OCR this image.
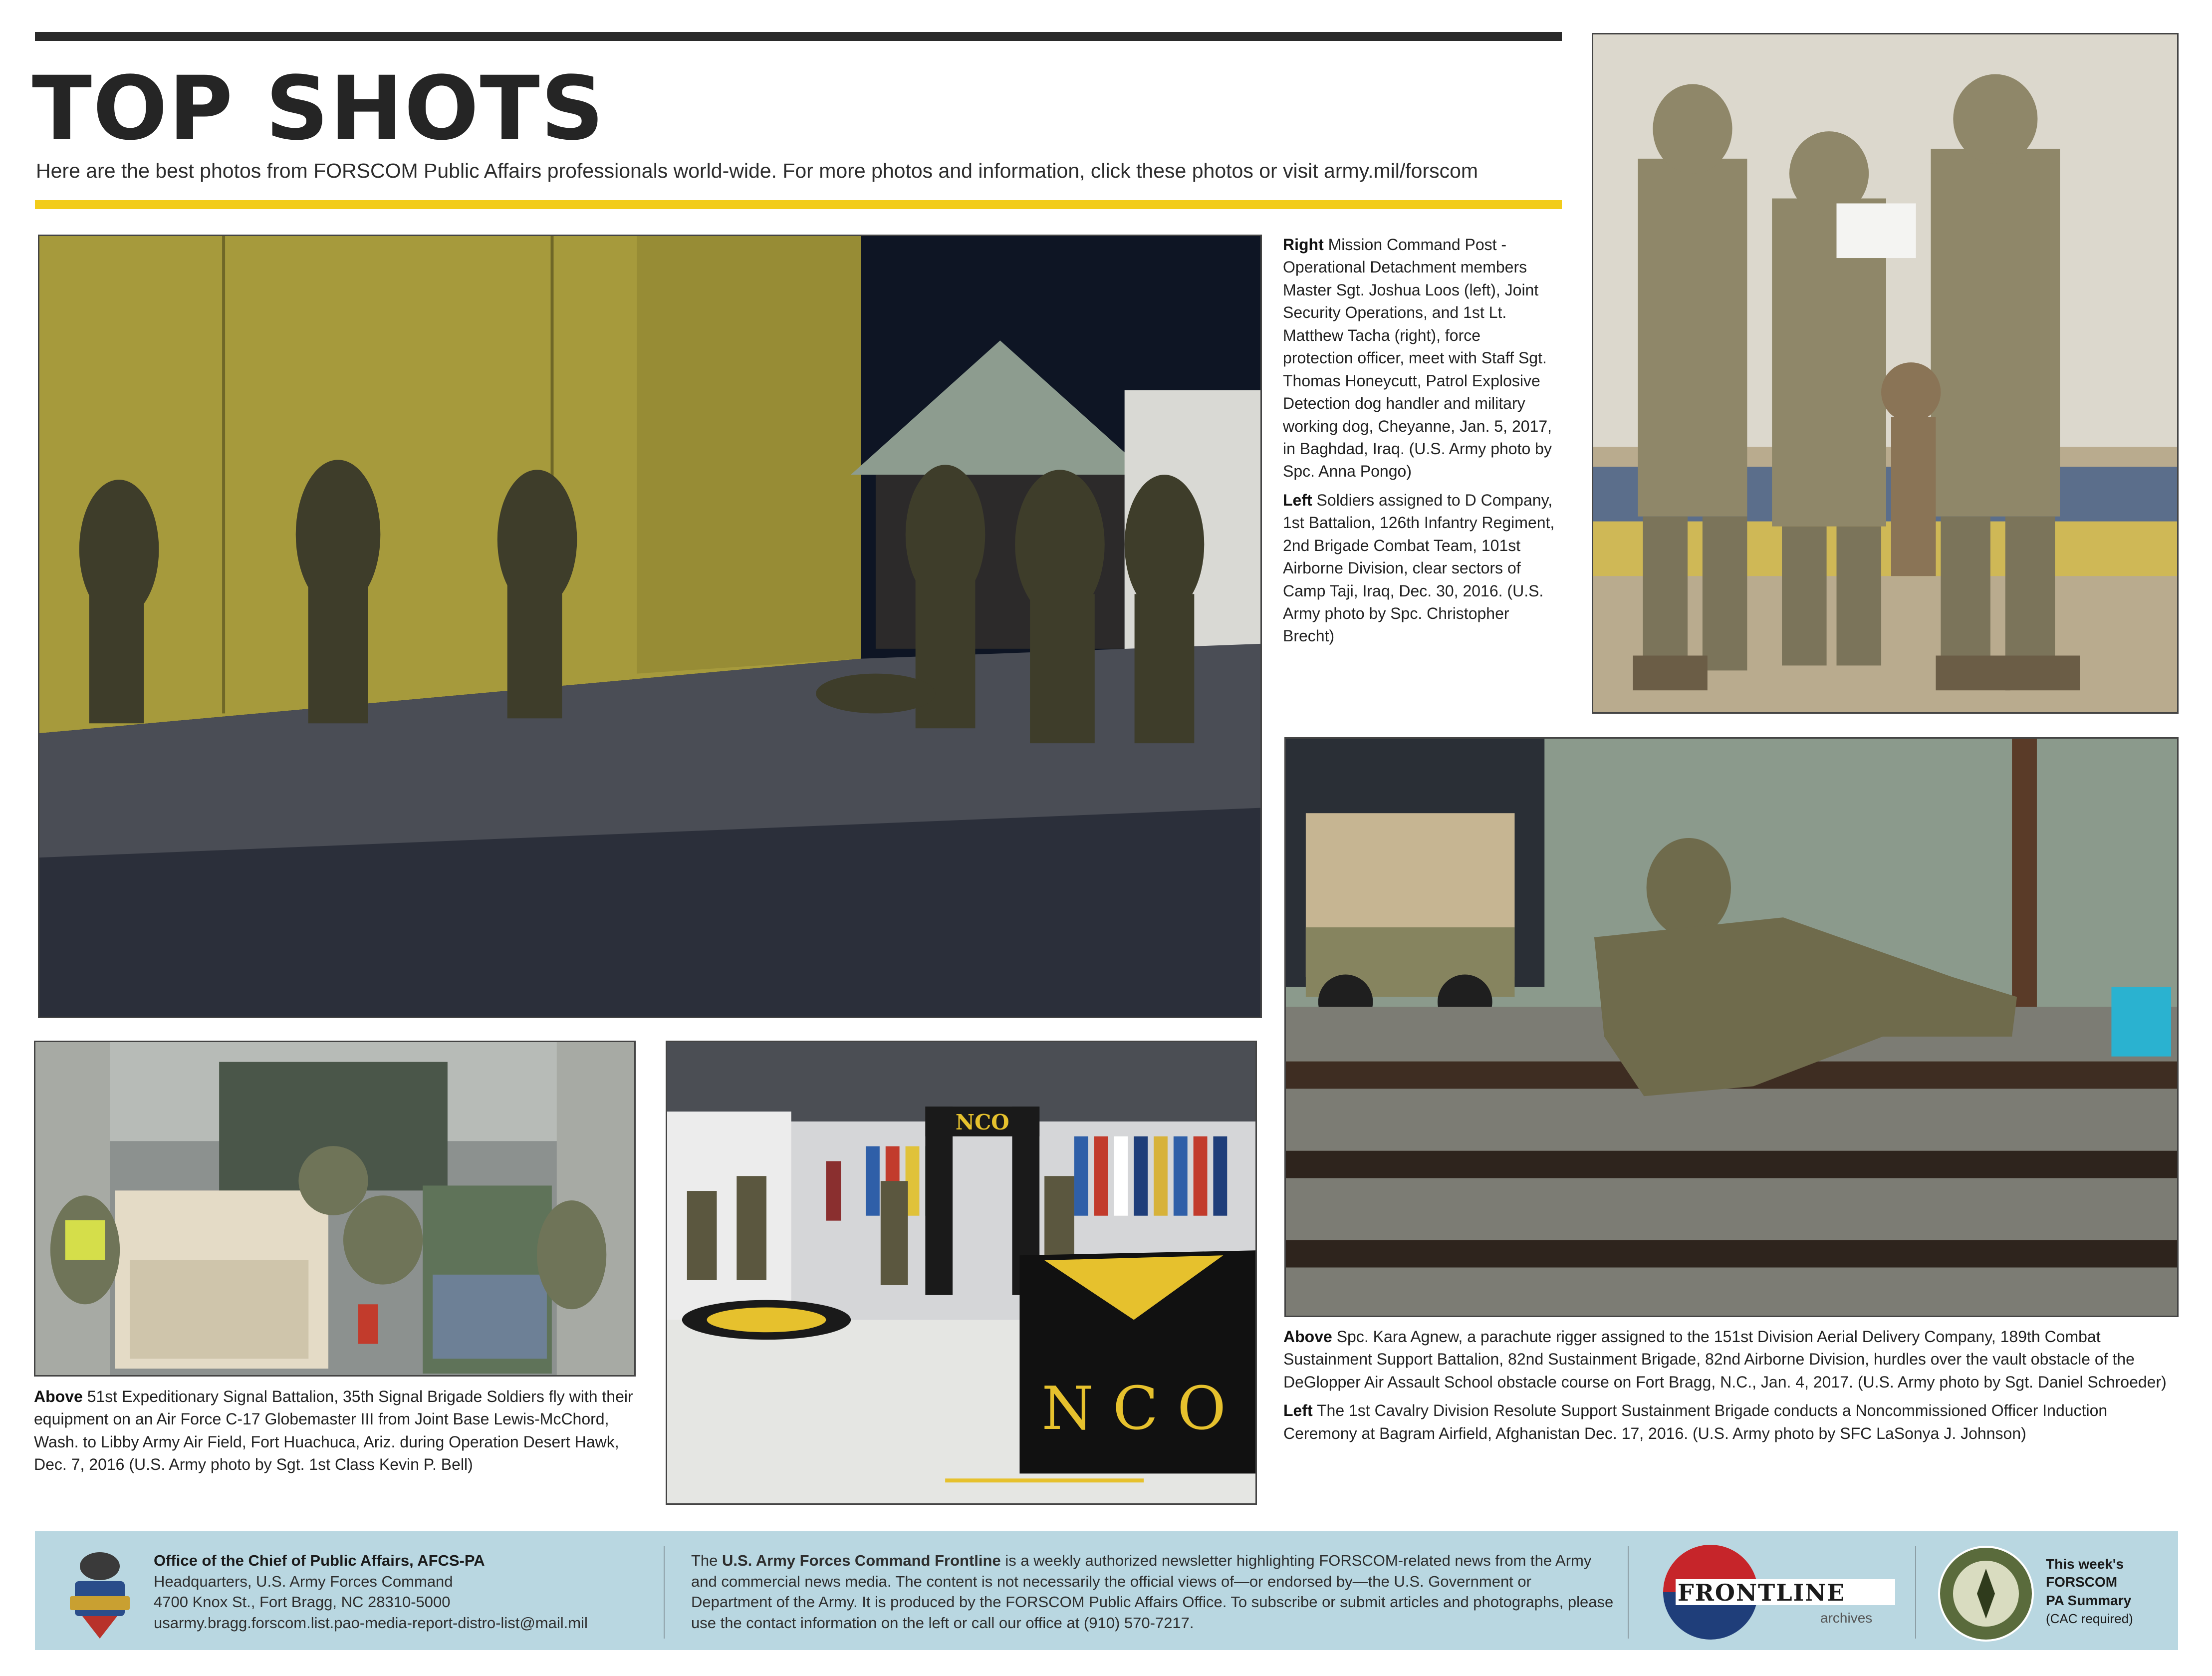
TOP SHOTS
Here are the best photos from FORSCOM Public Affairs professionals world-wide. For more photos and information, click these photos or visit army.mil/forscom

Right Mission Command Post - Operational Detachment members Master Sgt. Joshua Loos (left), Joint Security Operations, and 1st Lt. Matthew Tacha (right), force protection officer, meet with Staff Sgt. Thomas Honeycutt, Patrol Explosive Detection dog handler and military working dog, Cheyanne, Jan. 5, 2017, in Baghdad, Iraq. (U.S. Army photo by Spc. Anna Pongo)

Left Soldiers assigned to D Company, 1st Battalion, 126th Infantry Regiment, 2nd Brigade Combat Team, 101st Airborne Division, clear sectors of Camp Taji, Iraq, Dec. 30, 2016. (U.S. Army photo by Spc. Christopher Brecht)

Above 51st Expeditionary Signal Battalion, 35th Signal Brigade Soldiers fly with their equipment on an Air Force C-17 Globemaster III from Joint Base Lewis-McChord, Wash. to Libby Army Air Field, Fort Huachuca, Ariz. during Operation Desert Hawk, Dec. 7, 2016 (U.S. Army photo by Sgt. 1st Class Kevin P. Bell)

NCO
N C O

Above Spc. Kara Agnew, a parachute rigger assigned to the 151st Division Aerial Delivery Company, 189th Combat Sustainment Support Battalion, 82nd Sustainment Brigade, 82nd Airborne Division, hurdles over the vault obstacle of the DeGlopper Air Assault School obstacle course on Fort Bragg, N.C., Jan. 4, 2017. (U.S. Army photo by Sgt. Daniel Schroeder)

Left The 1st Cavalry Division Resolute Support Sustainment Brigade conducts a Noncommissioned Officer Induction Ceremony at Bagram Airfield, Afghanistan Dec. 17, 2016. (U.S. Army photo by SFC LaSonya J. Johnson)

Office of the Chief of Public Affairs, AFCS-PA
Headquarters, U.S. Army Forces Command
4700 Knox St., Fort Bragg, NC 28310-5000
usarmy.bragg.forscom.list.pao-media-report-distro-list@mail.mil
The U.S. Army Forces Command Frontline is a weekly authorized newsletter highlighting FORSCOM-related news from the Army and commercial news media. The content is not necessarily the official views of—or endorsed by—the U.S. Government or Department of the Army. It is produced by the FORSCOM Public Affairs Office. To subscribe or submit articles and photographs, please use the contact information on the left or call our office at (910) 570-7217.
FRONTLINE
archives
This week's
FORSCOM
PA Summary
(CAC required)
